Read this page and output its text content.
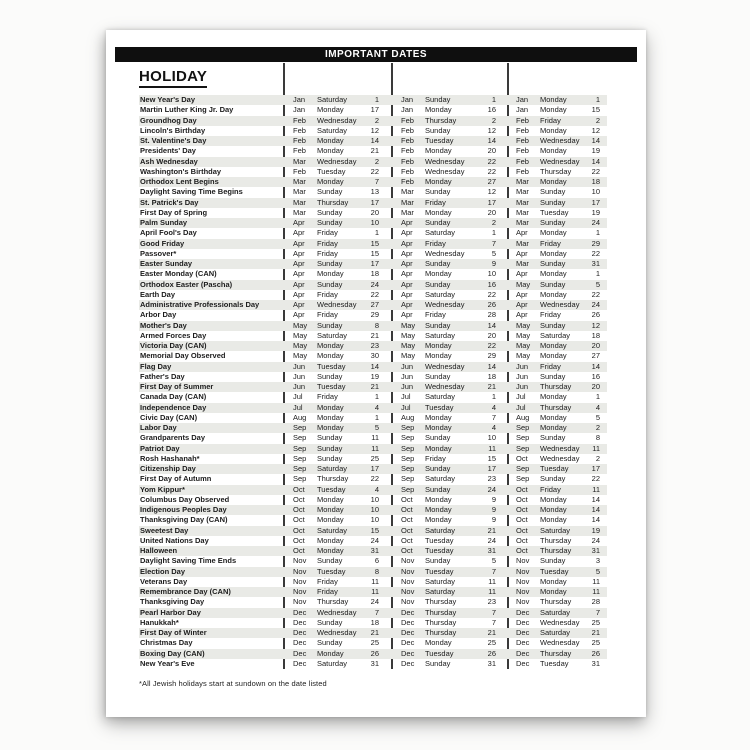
IMPORTANT DATES
HOLIDAY
New Year's Day	Jan	Saturday	1	Jan	Sunday	1	Jan	Monday	1
Martin Luther King Jr. Day	Jan	Monday	17	Jan	Monday	16	Jan	Monday	15
Groundhog Day	Feb	Wednesday	2	Feb	Thursday	2	Feb	Friday	2
Lincoln's Birthday	Feb	Saturday	12	Feb	Sunday	12	Feb	Monday	12
St. Valentine's Day	Feb	Monday	14	Feb	Tuesday	14	Feb	Wednesday	14
Presidents' Day	Feb	Monday	21	Feb	Monday	20	Feb	Monday	19
Ash Wednesday	Mar	Wednesday	2	Feb	Wednesday	22	Feb	Wednesday	14
Washington's Birthday	Feb	Tuesday	22	Feb	Wednesday	22	Feb	Thursday	22
Orthodox Lent Begins	Mar	Monday	7	Feb	Monday	27	Mar	Monday	18
Daylight Saving Time Begins	Mar	Sunday	13	Mar	Sunday	12	Mar	Sunday	10
St. Patrick's Day	Mar	Thursday	17	Mar	Friday	17	Mar	Sunday	17
First Day of Spring	Mar	Sunday	20	Mar	Monday	20	Mar	Tuesday	19
Palm Sunday	Apr	Sunday	10	Apr	Sunday	2	Mar	Sunday	24
April Fool's Day	Apr	Friday	1	Apr	Saturday	1	Apr	Monday	1
Good Friday	Apr	Friday	15	Apr	Friday	7	Mar	Friday	29
Passover*	Apr	Friday	15	Apr	Wednesday	5	Apr	Monday	22
Easter Sunday	Apr	Sunday	17	Apr	Sunday	9	Mar	Sunday	31
Easter Monday (CAN)	Apr	Monday	18	Apr	Monday	10	Apr	Monday	1
Orthodox Easter (Pascha)	Apr	Sunday	24	Apr	Sunday	16	May	Sunday	5
Earth Day	Apr	Friday	22	Apr	Saturday	22	Apr	Monday	22
Administrative Professionals Day	Apr	Wednesday	27	Apr	Wednesday	26	Apr	Wednesday	24
Arbor Day	Apr	Friday	29	Apr	Friday	28	Apr	Friday	26
Mother's Day	May	Sunday	8	May	Sunday	14	May	Sunday	12
Armed Forces Day	May	Saturday	21	May	Saturday	20	May	Saturday	18
Victoria Day (CAN)	May	Monday	23	May	Monday	22	May	Monday	20
Memorial Day Observed	May	Monday	30	May	Monday	29	May	Monday	27
Flag Day	Jun	Tuesday	14	Jun	Wednesday	14	Jun	Friday	14
Father's Day	Jun	Sunday	19	Jun	Sunday	18	Jun	Sunday	16
First Day of Summer	Jun	Tuesday	21	Jun	Wednesday	21	Jun	Thursday	20
Canada Day (CAN)	Jul	Friday	1	Jul	Saturday	1	Jul	Monday	1
Independence Day	Jul	Monday	4	Jul	Tuesday	4	Jul	Thursday	4
Civic Day (CAN)	Aug	Monday	1	Aug	Monday	7	Aug	Monday	5
Labor Day	Sep	Monday	5	Sep	Monday	4	Sep	Monday	2
Grandparents Day	Sep	Sunday	11	Sep	Sunday	10	Sep	Sunday	8
Patriot Day	Sep	Sunday	11	Sep	Monday	11	Sep	Wednesday	11
Rosh Hashanah*	Sep	Sunday	25	Sep	Friday	15	Oct	Wednesday	2
Citizenship Day	Sep	Saturday	17	Sep	Sunday	17	Sep	Tuesday	17
First Day of Autumn	Sep	Thursday	22	Sep	Saturday	23	Sep	Sunday	22
Yom Kippur*	Oct	Tuesday	4	Sep	Sunday	24	Oct	Friday	11
Columbus Day Observed	Oct	Monday	10	Oct	Monday	9	Oct	Monday	14
Indigenous Peoples Day	Oct	Monday	10	Oct	Monday	9	Oct	Monday	14
Thanksgiving Day (CAN)	Oct	Monday	10	Oct	Monday	9	Oct	Monday	14
Sweetest Day	Oct	Saturday	15	Oct	Saturday	21	Oct	Saturday	19
United Nations Day	Oct	Monday	24	Oct	Tuesday	24	Oct	Thursday	24
Halloween	Oct	Monday	31	Oct	Tuesday	31	Oct	Thursday	31
Daylight Saving Time Ends	Nov	Sunday	6	Nov	Sunday	5	Nov	Sunday	3
Election Day	Nov	Tuesday	8	Nov	Tuesday	7	Nov	Tuesday	5
Veterans Day	Nov	Friday	11	Nov	Saturday	11	Nov	Monday	11
Remembrance Day (CAN)	Nov	Friday	11	Nov	Saturday	11	Nov	Monday	11
Thanksgiving Day	Nov	Thursday	24	Nov	Thursday	23	Nov	Thursday	28
Pearl Harbor Day	Dec	Wednesday	7	Dec	Thursday	7	Dec	Saturday	7
Hanukkah*	Dec	Sunday	18	Dec	Thursday	7	Dec	Wednesday	25
First Day of Winter	Dec	Wednesday	21	Dec	Thursday	21	Dec	Saturday	21
Christmas Day	Dec	Sunday	25	Dec	Monday	25	Dec	Wednesday	25
Boxing Day (CAN)	Dec	Monday	26	Dec	Tuesday	26	Dec	Thursday	26
New Year's Eve	Dec	Saturday	31	Dec	Sunday	31	Dec	Tuesday	31
*All Jewish holidays start at sundown on the date listed
